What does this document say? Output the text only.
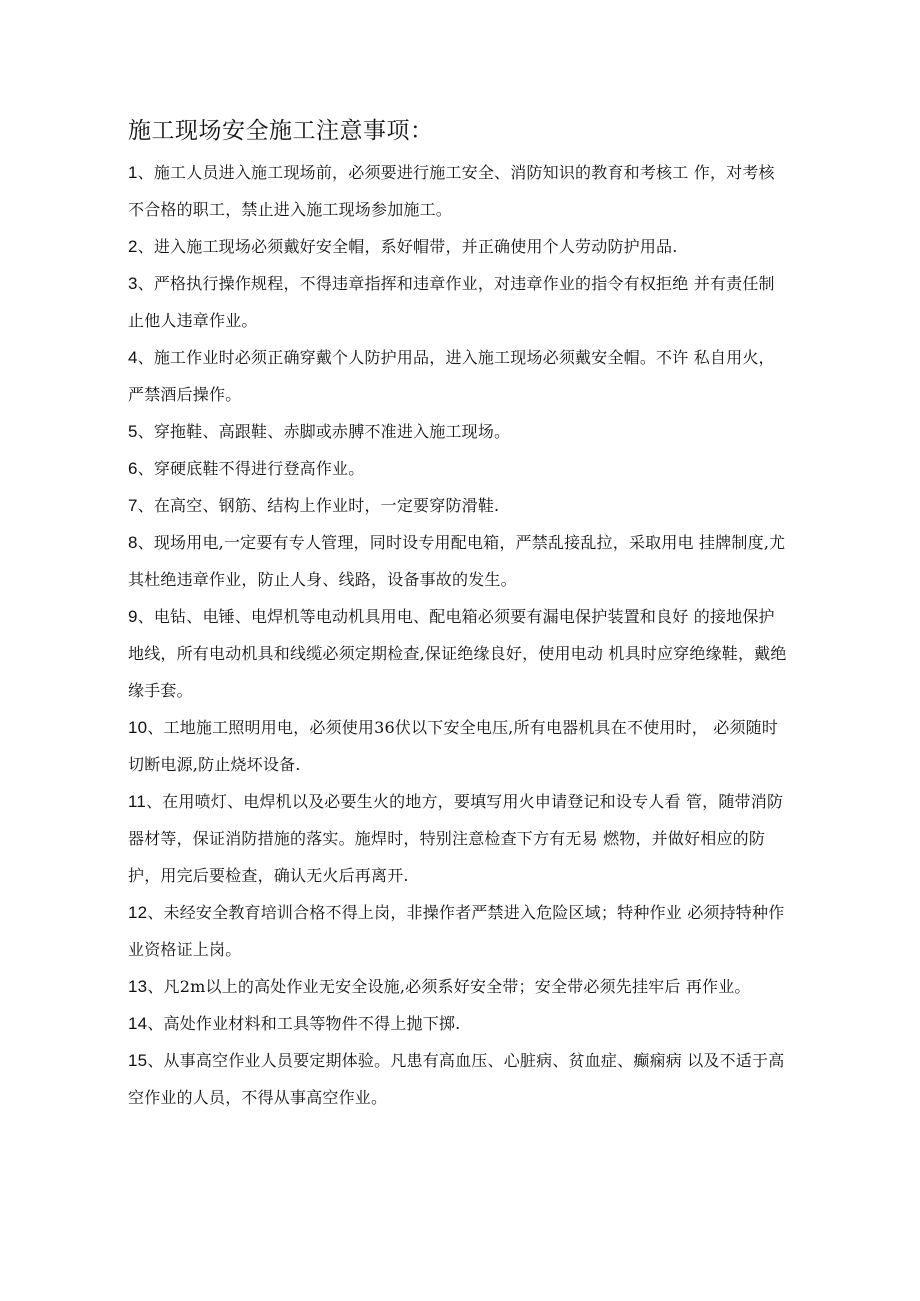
施工现场安全施工注意事项：

1、施工人员进入施工现场前，必须要进行施工安全、消防知识的教育和考核工 作，对考核不合格的职工，禁止进入施工现场参加施工。

2、进入施工现场必须戴好安全帽，系好帽带，并正确使用个人劳动防护用品.

3、严格执行操作规程，不得违章指挥和违章作业，对违章作业的指令有权拒绝 并有责任制止他人违章作业。

4、施工作业时必须正确穿戴个人防护用品，进入施工现场必须戴安全帽。不许 私自用火，严禁酒后操作。

5、穿拖鞋、高跟鞋、赤脚或赤膊不准进入施工现场。

6、穿硬底鞋不得进行登高作业。

7、在高空、钢筋、结构上作业时，一定要穿防滑鞋.

8、现场用电,一定要有专人管理，同时设专用配电箱，严禁乱接乱拉，采取用电 挂牌制度,尤其杜绝违章作业，防止人身、线路，设备事故的发生。

9、电钻、电锤、电焊机等电动机具用电、配电箱必须要有漏电保护装置和良好 的接地保护地线，所有电动机具和线缆必须定期检查,保证绝缘良好，使用电动 机具时应穿绝缘鞋，戴绝缘手套。

10、工地施工照明用电，必须使用36伏以下安全电压,所有电器机具在不使用时， 必须随时切断电源,防止烧坏设备.

11、在用喷灯、电焊机以及必要生火的地方，要填写用火申请登记和设专人看 管，随带消防器材等，保证消防措施的落实。施焊时，特别注意检查下方有无易 燃物，并做好相应的防护，用完后要检查，确认无火后再离开.

12、未经安全教育培训合格不得上岗，非操作者严禁进入危险区域；特种作业 必须持特种作业资格证上岗。

13、凡2m以上的高处作业无安全设施,必须系好安全带；安全带必须先挂牢后 再作业。

14、高处作业材料和工具等物件不得上抛下掷.

15、从事高空作业人员要定期体验。凡患有高血压、心脏病、贫血症、癫痫病 以及不适于高空作业的人员，不得从事高空作业。
